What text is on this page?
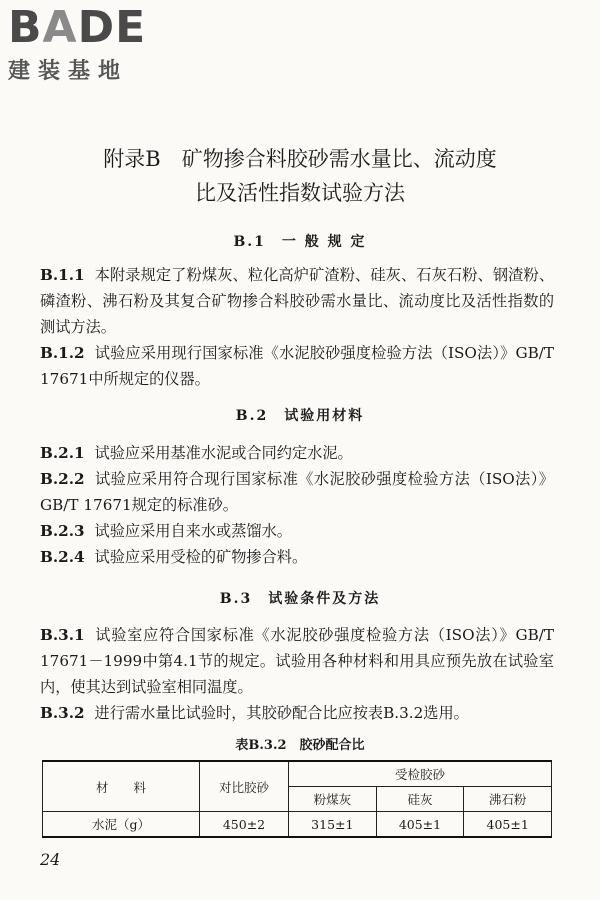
BADE
建装基地
附录B　矿物掺合料胶砂需水量比、流动度
比及活性指数试验方法
B.1　一 般 规 定
B.1.1 本附录规定了粉煤灰、粒化高炉矿渣粉、硅灰、石灰石粉、钢渣粉、磷渣粉、沸石粉及其复合矿物掺合料胶砂需水量比、流动度比及活性指数的测试方法。
B.1.2 试验应采用现行国家标准《水泥胶砂强度检验方法（ISO法）》GB/T 17671中所规定的仪器。
B.2　试验用材料
B.2.1 试验应采用基准水泥或合同约定水泥。
B.2.2 试验应采用符合现行国家标准《水泥胶砂强度检验方法（ISO法）》GB/T 17671规定的标准砂。
B.2.3 试验应采用自来水或蒸馏水。
B.2.4 试验应采用受检的矿物掺合料。
B.3　试验条件及方法
B.3.1 试验室应符合国家标准《水泥胶砂强度检验方法（ISO法）》GB/T 17671－1999中第4.1节的规定。试验用各种材料和用具应预先放在试验室内，使其达到试验室相同温度。
B.3.2 进行需水量比试验时，其胶砂配合比应按表B.3.2选用。
表B.3.2　胶砂配合比
材　　料	对比胶砂	受检胶砂		
		粉煤灰	硅灰	沸石粉
水泥（g）	450±2	315±1	405±1	405±1
24
